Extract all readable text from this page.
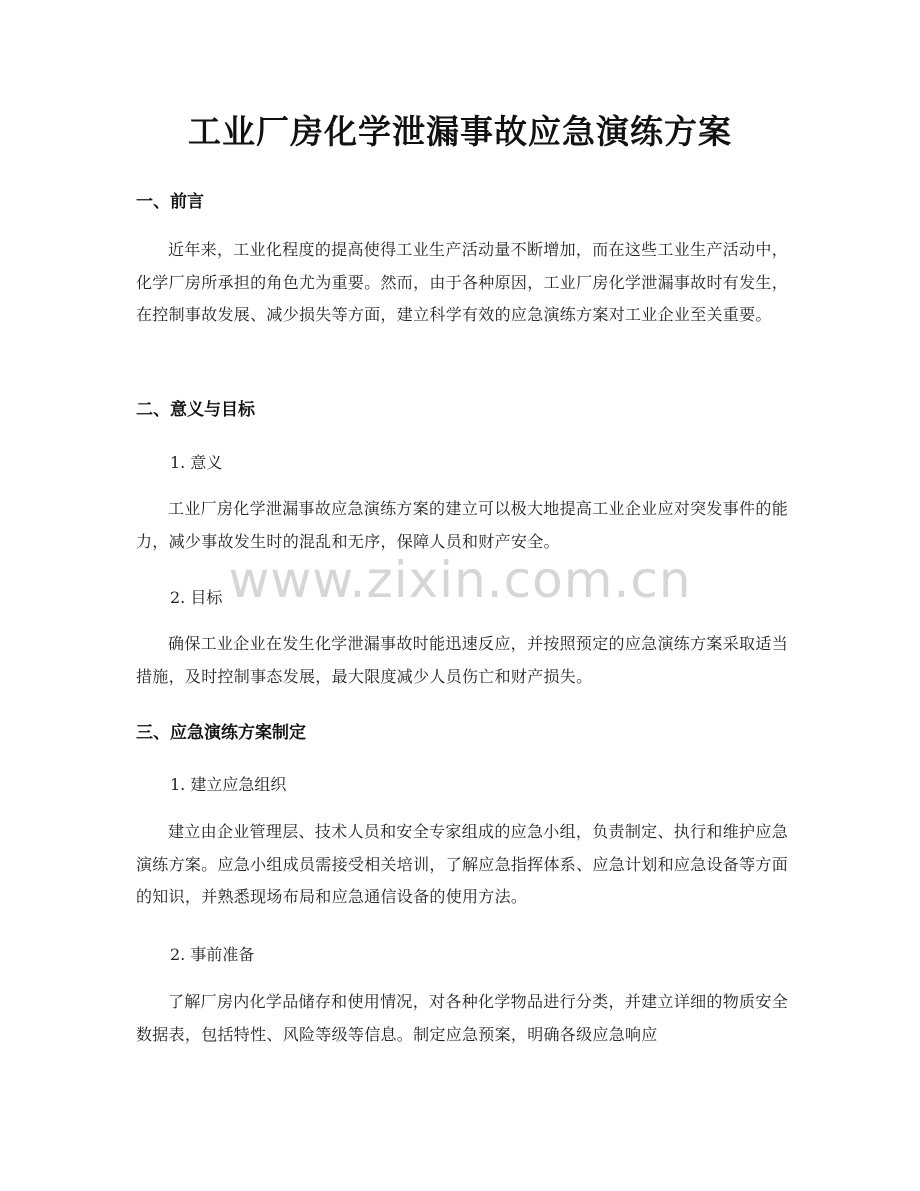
工业厂房化学泄漏事故应急演练方案
一、前言
近年来，工业化程度的提高使得工业生产活动量不断增加，而在这些工业生产活动中，化学厂房所承担的角色尤为重要。然而，由于各种原因，工业厂房化学泄漏事故时有发生，在控制事故发展、减少损失等方面，建立科学有效的应急演练方案对工业企业至关重要。
二、意义与目标
1. 意义
工业厂房化学泄漏事故应急演练方案的建立可以极大地提高工业企业应对突发事件的能力，减少事故发生时的混乱和无序，保障人员和财产安全。
2. 目标
确保工业企业在发生化学泄漏事故时能迅速反应，并按照预定的应急演练方案采取适当措施，及时控制事态发展，最大限度减少人员伤亡和财产损失。
三、应急演练方案制定
1. 建立应急组织
建立由企业管理层、技术人员和安全专家组成的应急小组，负责制定、执行和维护应急演练方案。应急小组成员需接受相关培训，了解应急指挥体系、应急计划和应急设备等方面的知识，并熟悉现场布局和应急通信设备的使用方法。
2. 事前准备
了解厂房内化学品储存和使用情况，对各种化学物品进行分类，并建立详细的物质安全数据表，包括特性、风险等级等信息。制定应急预案，明确各级应急响应
www.zixin.com.cn
